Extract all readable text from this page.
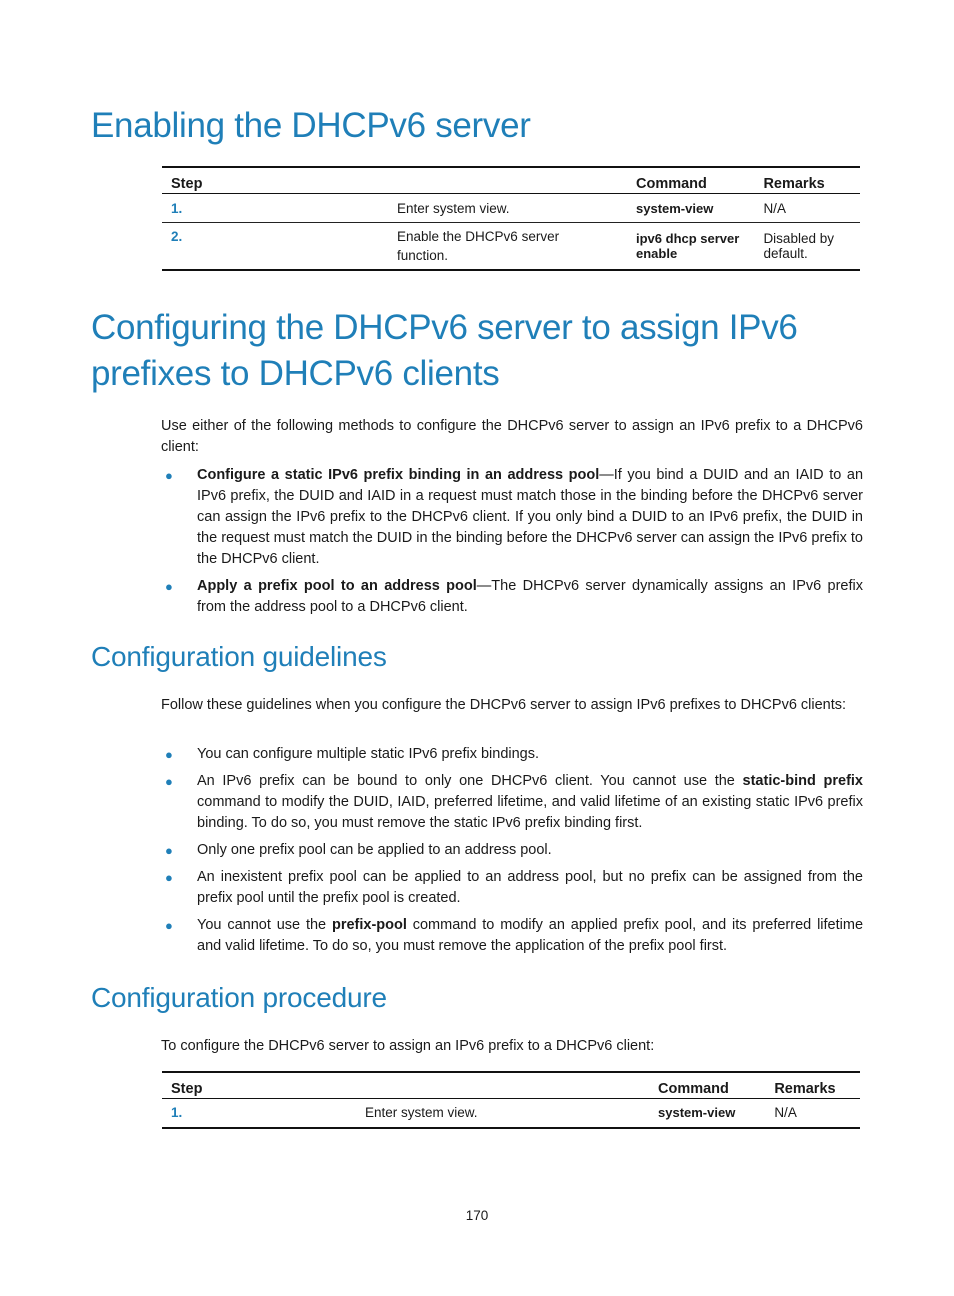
Enabling the DHCPv6 server
Step		Command	Remarks
1.	Enter system view.	system-view	N/A
2.	Enable the DHCPv6 server function.	ipv6 dhcp server enable	Disabled by default.
Configuring the DHCPv6 server to assign IPv6
prefixes to DHCPv6 clients

Use either of the following methods to configure the DHCPv6 server to assign an IPv6 prefix to a DHCPv6 client:

● Configure a static IPv6 prefix binding in an address pool—If you bind a DUID and an IAID to an IPv6 prefix, the DUID and IAID in a request must match those in the binding before the DHCPv6 server can assign the IPv6 prefix to the DHCPv6 client. If you only bind a DUID to an IPv6 prefix, the DUID in the request must match the DUID in the binding before the DHCPv6 server can assign the IPv6 prefix to the DHCPv6 client.
● Apply a prefix pool to an address pool—The DHCPv6 server dynamically assigns an IPv6 prefix from the address pool to a DHCPv6 client.
Configuration guidelines

Follow these guidelines when you configure the DHCPv6 server to assign IPv6 prefixes to DHCPv6 clients:

● You can configure multiple static IPv6 prefix bindings.
● An IPv6 prefix can be bound to only one DHCPv6 client. You cannot use the static-bind prefix command to modify the DUID, IAID, preferred lifetime, and valid lifetime of an existing static IPv6 prefix binding. To do so, you must remove the static IPv6 prefix binding first.
● Only one prefix pool can be applied to an address pool.
● An inexistent prefix pool can be applied to an address pool, but no prefix can be assigned from the prefix pool until the prefix pool is created.
● You cannot use the prefix-pool command to modify an applied prefix pool, and its preferred lifetime and valid lifetime. To do so, you must remove the application of the prefix pool first.
Configuration procedure

To configure the DHCPv6 server to assign an IPv6 prefix to a DHCPv6 client:

Step		Command	Remarks
1.	Enter system view.	system-view	N/A
170
